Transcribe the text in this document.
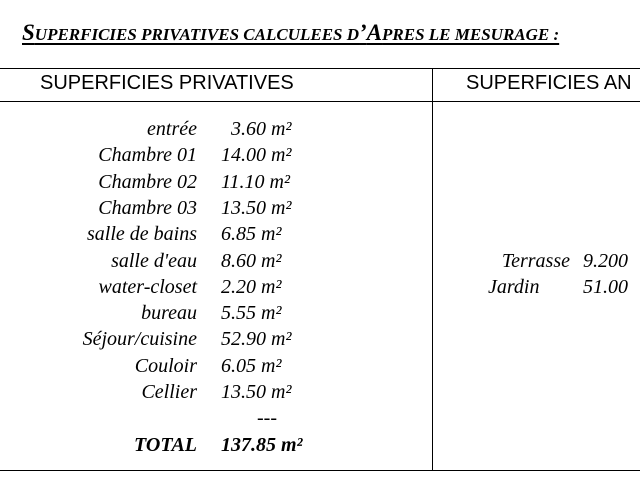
SUPERFICIES PRIVATIVES CALCULEES D’APRES LE MESURAGE :
SUPERFICIES PRIVATIVES	SUPERFICIES AN
entrée 3.60 m²
Chambre 01 14.00 m²
Chambre 02 11.10 m²
Chambre 03 13.50 m²
salle de bains 6.85 m²
salle d'eau 8.60 m²
water-closet 2.20 m²
bureau 5.55 m²
Séjour/cuisine 52.90 m²
Couloir 6.05 m²
Cellier 13.50 m²
---
TOTAL 137.85 m²
Terrasse 9.200
Jardin 51.00
